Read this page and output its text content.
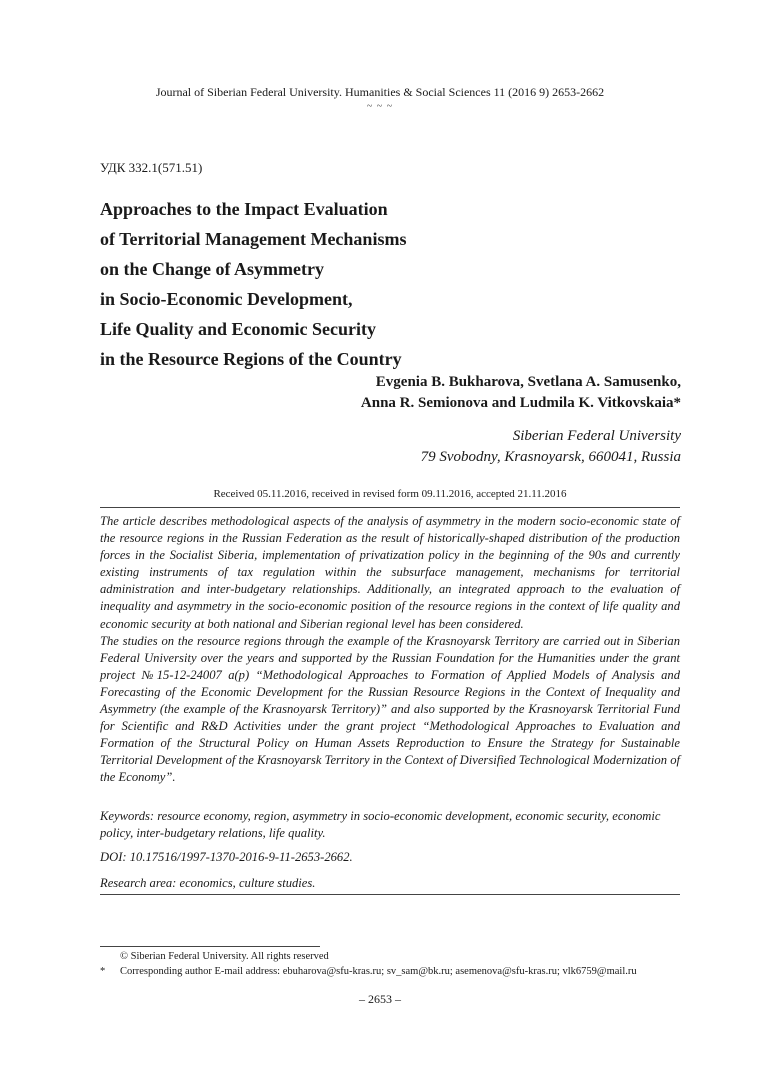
Journal of Siberian Federal University. Humanities & Social Sciences 11 (2016 9) 2653-2662
~ ~ ~
УДК 332.1(571.51)
Approaches to the Impact Evaluation
of Territorial Management Mechanisms
on the Change of Asymmetry
in Socio-Economic Development,
Life Quality and Economic Security
in the Resource Regions of the Country
Evgenia B. Bukharova, Svetlana A. Samusenko,
Anna R. Semionova and Ludmila K. Vitkovskaia*
Siberian Federal University
79 Svobodny, Krasnoyarsk, 660041, Russia
Received 05.11.2016, received in revised form 09.11.2016, accepted 21.11.2016

The article describes methodological aspects of the analysis of asymmetry in the modern socio-economic state of the resource regions in the Russian Federation as the result of historically-shaped distribution of the production forces in the Socialist Siberia, implementation of privatization policy in the beginning of the 90s and currently existing instruments of tax regulation within the subsurface management, mechanisms for territorial administration and inter-budgetary relationships. Additionally, an integrated approach to the evaluation of inequality and asymmetry in the socio-economic position of the resource regions in the context of life quality and economic security at both national and Siberian regional level has been considered.

The studies on the resource regions through the example of the Krasnoyarsk Territory are carried out in Siberian Federal University over the years and supported by the Russian Foundation for the Humanities under the grant project №15-12-24007 а(р) “Methodological Approaches to Formation of Applied Models of Analysis and Forecasting of the Economic Development for the Russian Resource Regions in the Context of Inequality and Asymmetry (the example of the Krasnoyarsk Territory)” and also supported by the Krasnoyarsk Territorial Fund for Scientific and R&D Activities under the grant project “Methodological Approaches to Evaluation and Formation of the Structural Policy on Human Assets Reproduction to Ensure the Strategy for Sustainable Territorial Development of the Krasnoyarsk Territory in the Context of Diversified Technological Modernization of the Economy”.

Keywords: resource economy, region, asymmetry in socio-economic development, economic security, economic policy, inter-budgetary relations, life quality.
DOI: 10.17516/1997-1370-2016-9-11-2653-2662.
Research area: economics, culture studies.
© Siberian Federal University. All rights reserved
* Corresponding author E-mail address: ebuharova@sfu-kras.ru; sv_sam@bk.ru; asemenova@sfu-kras.ru; vlk6759@mail.ru
– 2653 –
